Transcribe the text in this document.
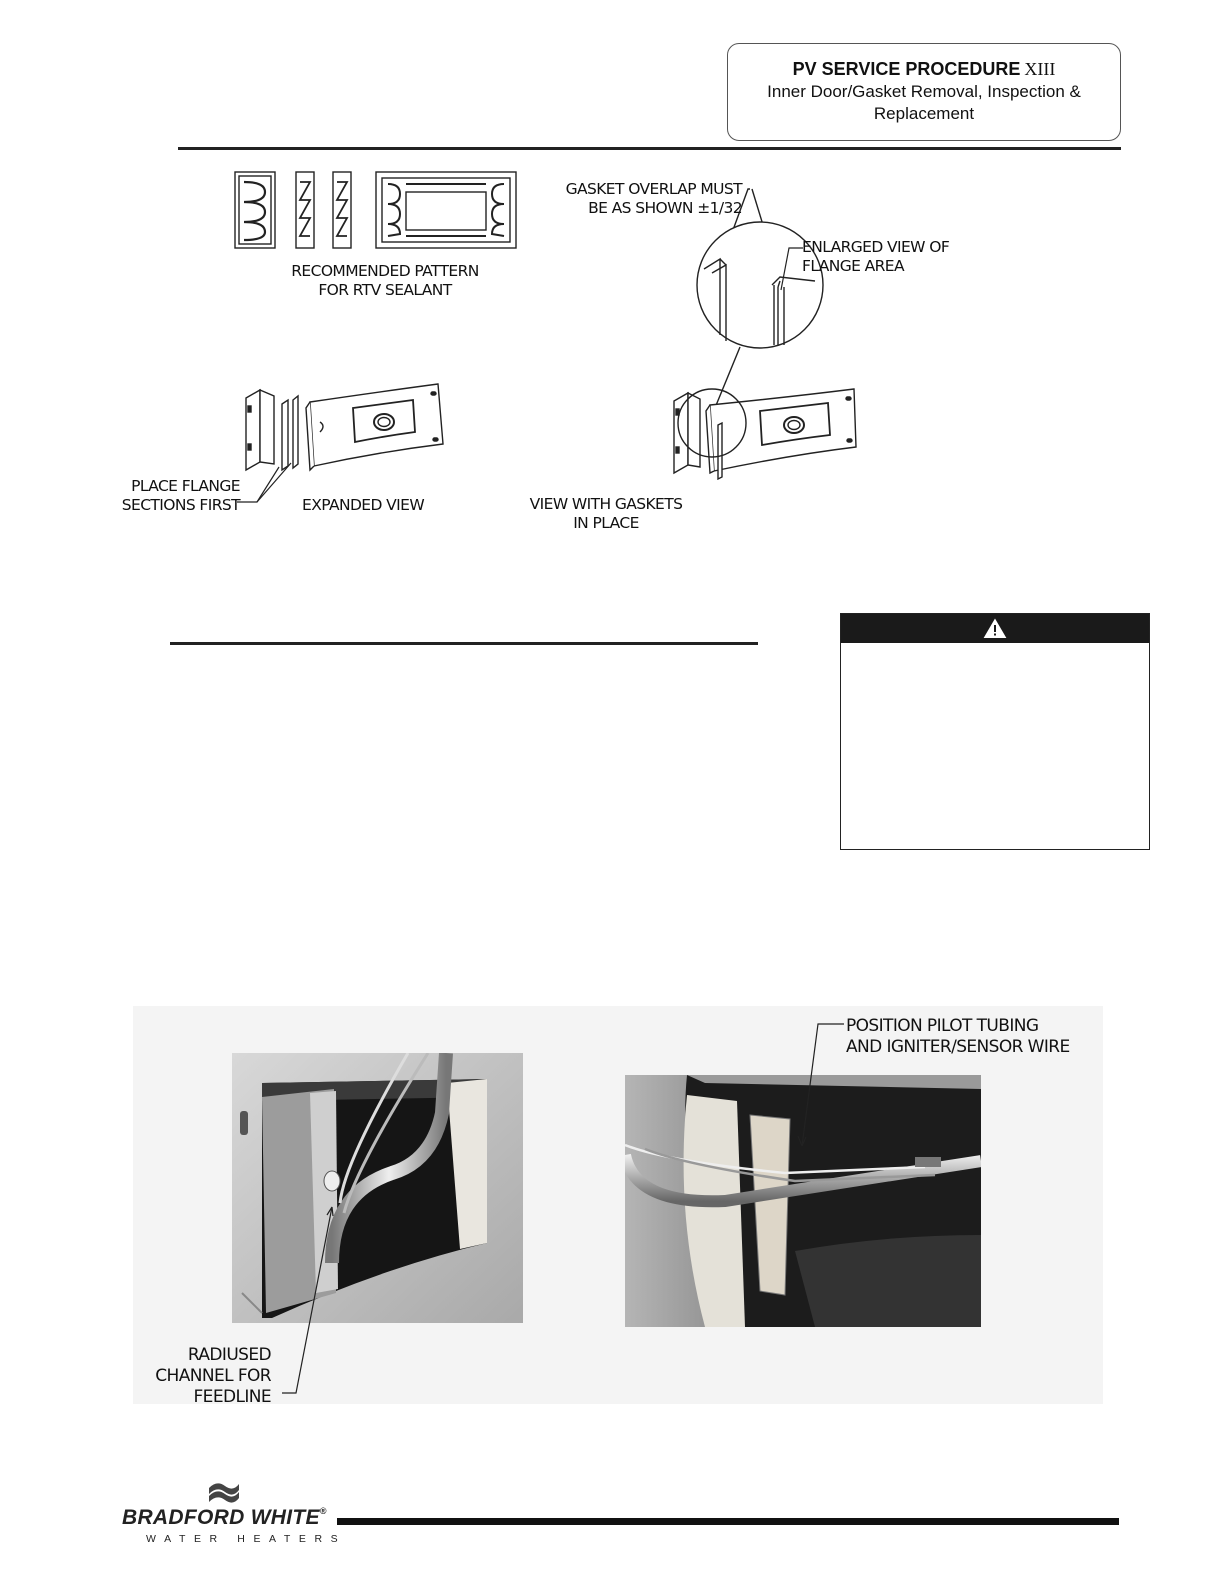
PV SERVICE PROCEDURE XIII
Inner Door/Gasket Removal, Inspection & Replacement
RECOMMENDED PATTERN
FOR RTV SEALANT
PLACE FLANGE
SECTIONS FIRST	EXPANDED VIEW
GASKET OVERLAP MUST
BE AS SHOWN ±1/32
ENLARGED VIEW OF
FLANGE AREA
VIEW WITH GASKETS
IN PLACE
RADIUSED
CHANNEL FOR
FEEDLINE
POSITION PILOT TUBING
AND IGNITER/SENSOR WIRE
BRADFORD WHITE®
WATER HEATERS
